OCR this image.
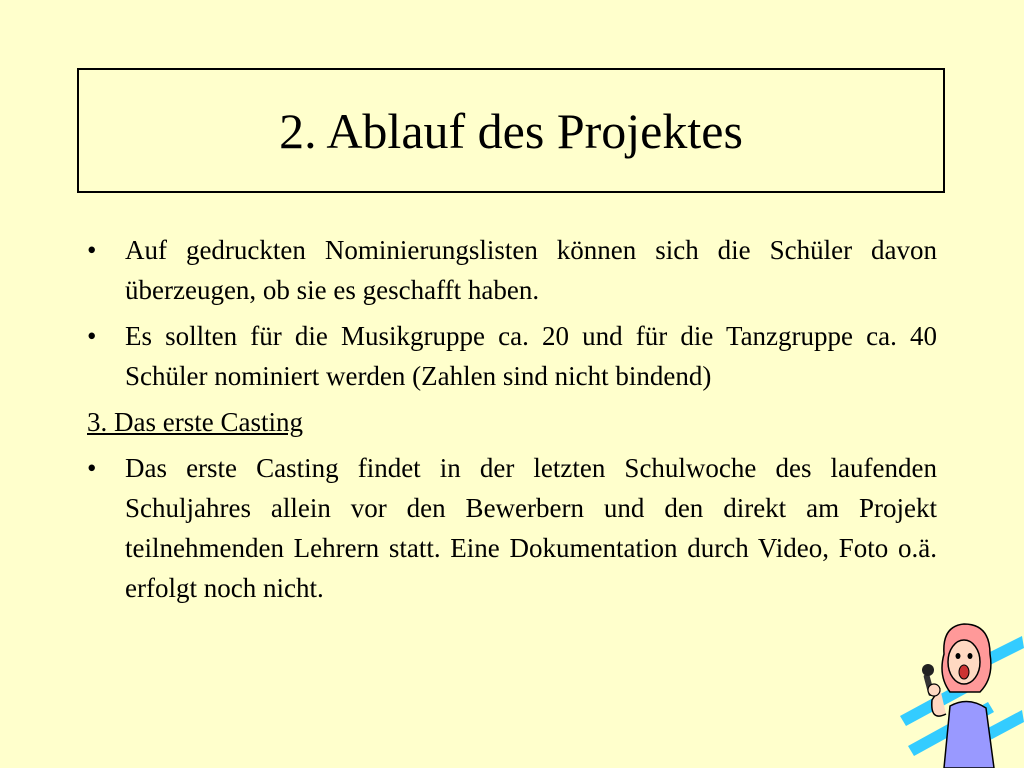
2. Ablauf des Projektes
• Auf gedruckten Nominierungslisten können sich die Schüler davon überzeugen, ob sie es geschafft haben.
• Es sollten für die Musikgruppe ca. 20 und für die Tanzgruppe ca. 40 Schüler nominiert werden (Zahlen sind nicht bindend)
3. Das erste Casting
• Das erste Casting findet in der letzten Schulwoche des laufenden Schuljahres allein vor den Bewerbern und den direkt am Projekt teilnehmenden Lehrern statt. Eine Dokumentation durch Video, Foto o.ä. erfolgt noch nicht.
